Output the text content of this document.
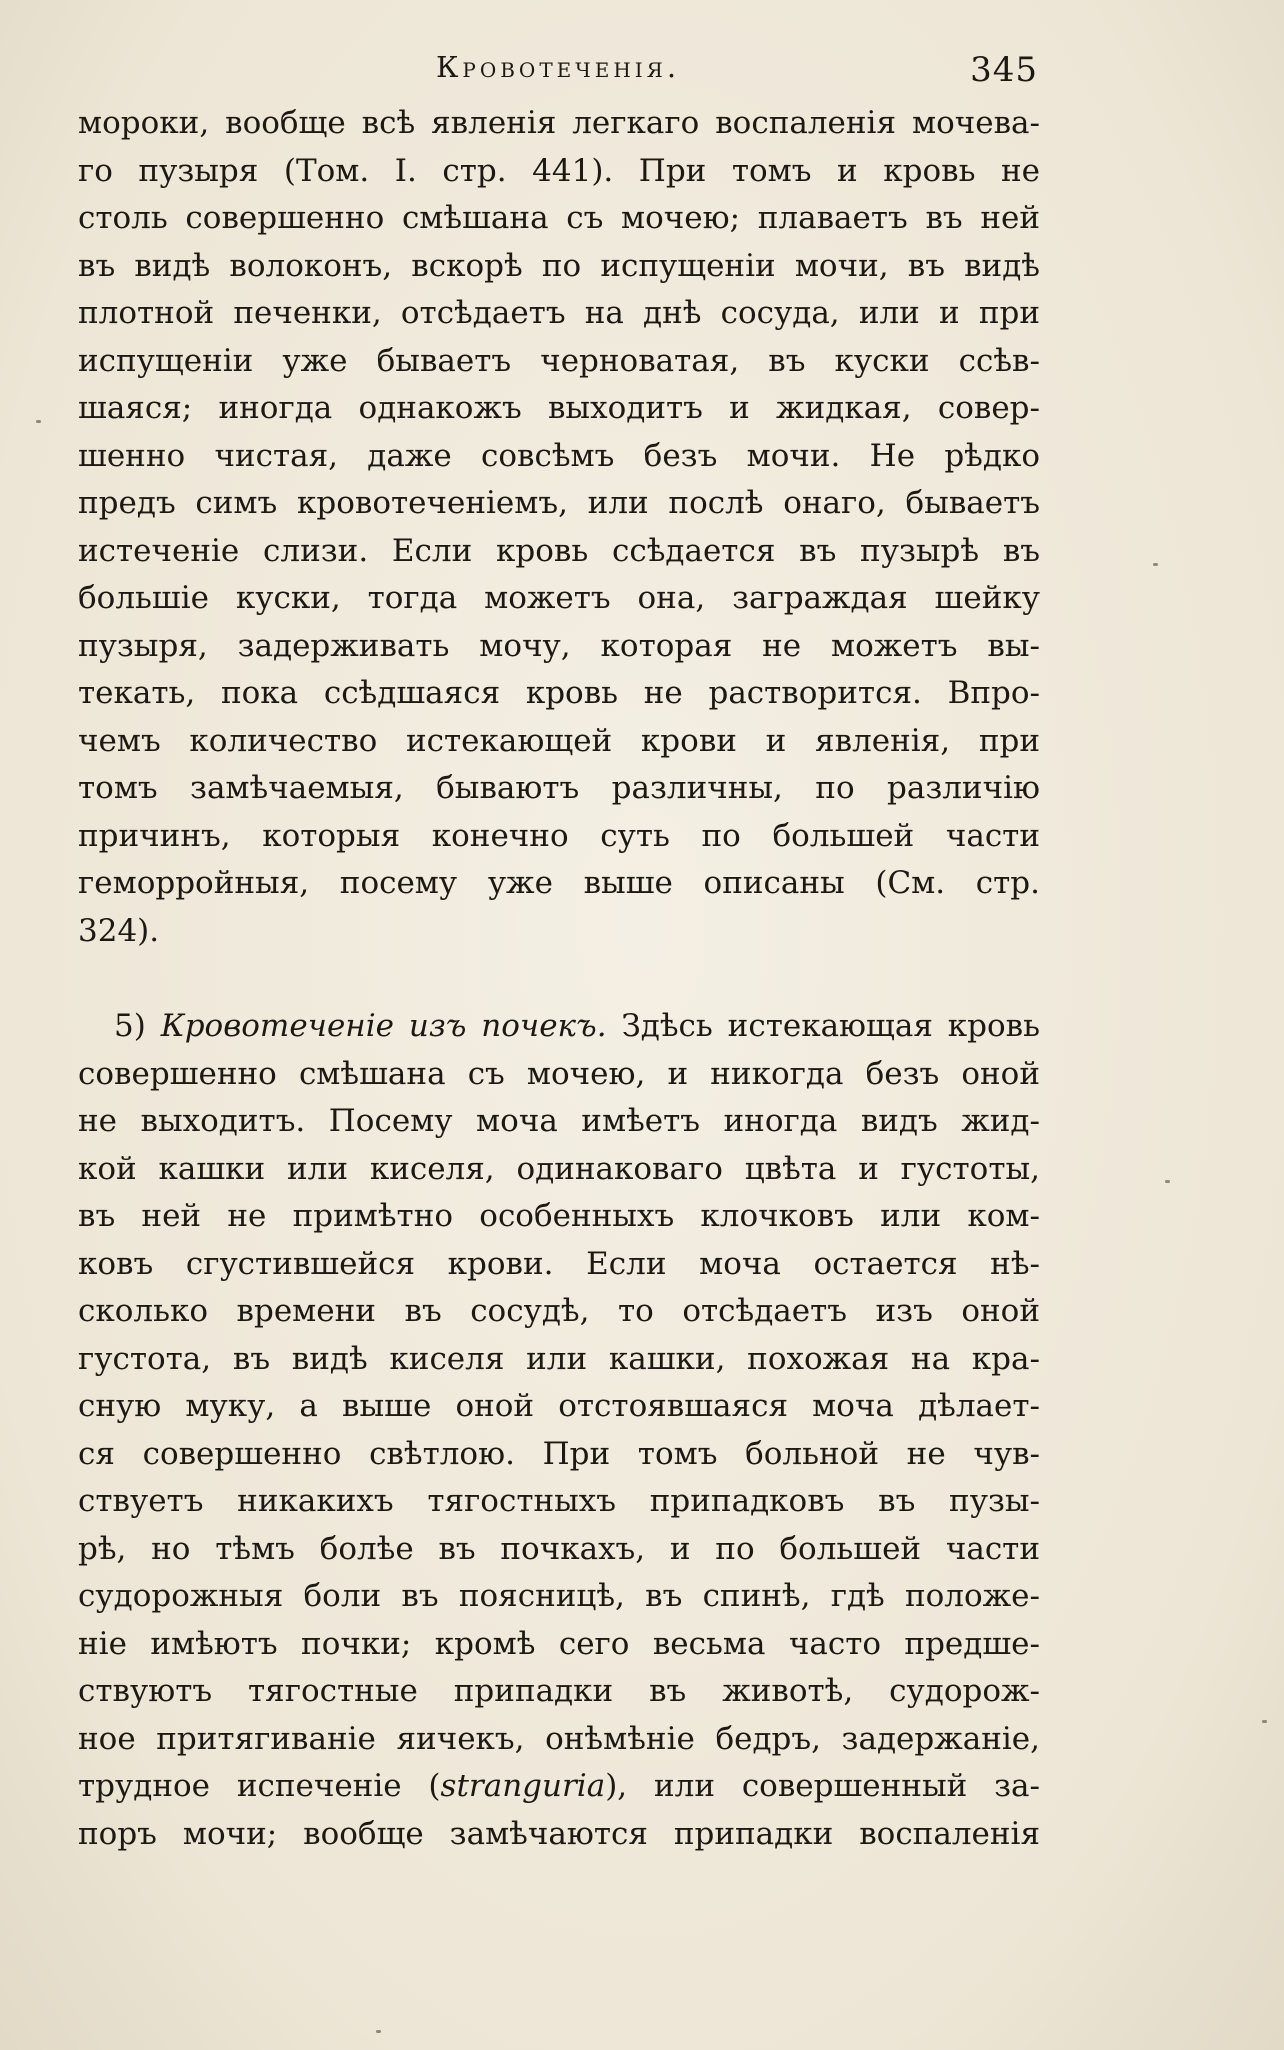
Кровотеченія.	345
мороки, вообще всѣ явленія легкаго воспаленія мочева-
го пузыря (Том. I. стр. 441). При томъ и кровь не
столь совершенно смѣшана съ мочею; плаваетъ въ ней
въ видѣ волоконъ, вскорѣ по испущеніи мочи, въ видѣ
плотной печенки, отсѣдаетъ на днѣ сосуда, или и при
испущеніи уже бываетъ черноватая, въ куски ссѣв-
шаяся; иногда однакожъ выходитъ и жидкая, совер-
шенно чистая, даже совсѣмъ безъ мочи. Не рѣдко
предъ симъ кровотеченіемъ, или послѣ онаго, бываетъ
истеченіе слизи. Если кровь ссѣдается въ пузырѣ въ
большіе куски, тогда можетъ она, заграждая шейку
пузыря, задерживать мочу, которая не можетъ вы-
текать, пока ссѣдшаяся кровь не растворится. Впро-
чемъ количество истекающей крови и явленія, при
томъ замѣчаемыя, бываютъ различны, по различію
причинъ, которыя конечно суть по большей части
геморройныя, посему уже выше описаны (См. стр.
324).
5) Кровотеченіе изъ почекъ. Здѣсь истекающая кровь
совершенно смѣшана съ мочею, и никогда безъ оной
не выходитъ. Посему моча имѣетъ иногда видъ жид-
кой кашки или киселя, одинаковаго цвѣта и густоты,
въ ней не примѣтно особенныхъ клочковъ или ком-
ковъ сгустившейся крови. Если моча остается нѣ-
сколько времени въ сосудѣ, то отсѣдаетъ изъ оной
густота, въ видѣ киселя или кашки, похожая на кра-
сную муку, а выше оной отстоявшаяся моча дѣлает-
ся совершенно свѣтлою. При томъ больной не чув-
ствуетъ никакихъ тягостныхъ припадковъ въ пузы-
рѣ, но тѣмъ болѣе въ почкахъ, и по большей части
судорожныя боли въ поясницѣ, въ спинѣ, гдѣ положе-
ніе имѣютъ почки; кромѣ сего весьма часто предше-
ствуютъ тягостные припадки въ животѣ, судорож-
ное притягиваніе яичекъ, онѣмѣніе бедръ, задержаніе,
трудное испеченіе (stranguria), или совершенный за-
поръ мочи; вообще замѣчаются припадки воспаленія
